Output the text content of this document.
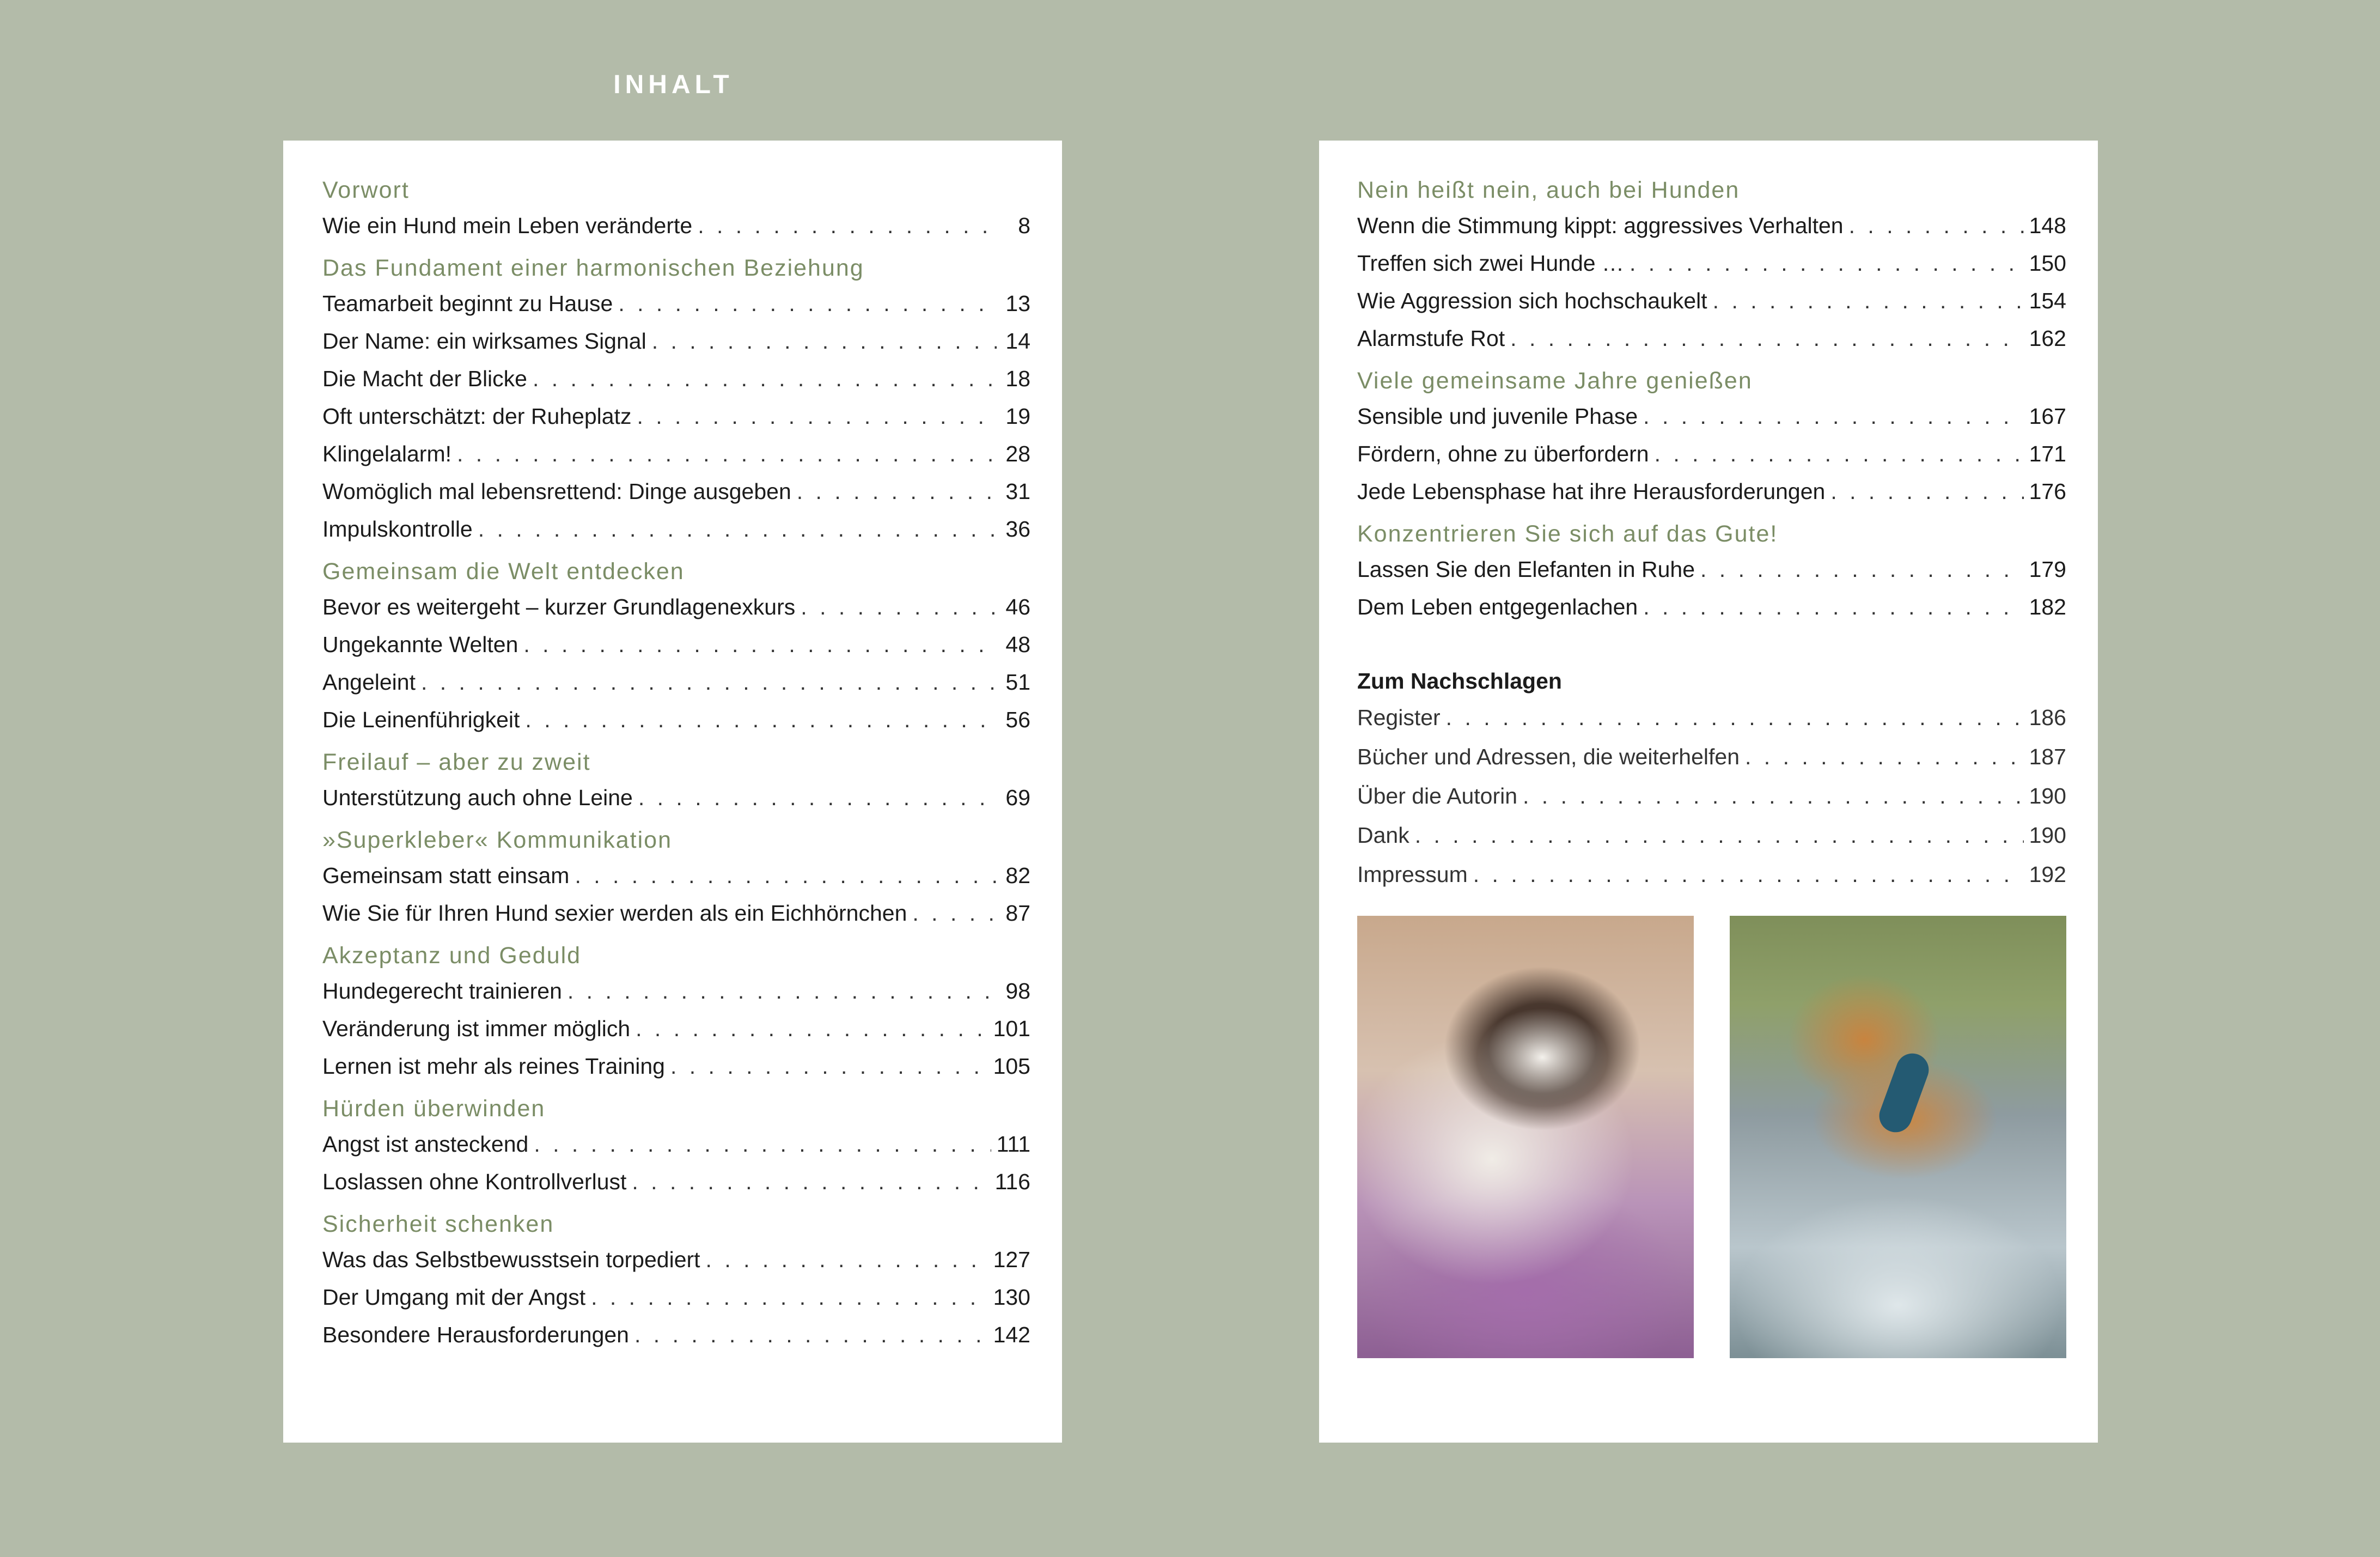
INHALT
Vorwort
Wie ein Hund mein Leben veränderte . . .	8
Das Fundament einer harmonischen Beziehung
Teamarbeit beginnt zu Hause . . .	13
Der Name: ein wirksames Signal . . .	14
Die Macht der Blicke . . .	18
Oft unterschätzt: der Ruheplatz . . .	19
Klingelalarm! . . .	28
Womöglich mal lebensrettend: Dinge ausgeben . . .	31
Impulskontrolle . . .	36
Gemeinsam die Welt entdecken
Bevor es weitergeht – kurzer Grundlagenexkurs . . .	46
Ungekannte Welten . . .	48
Angeleint . . .	51
Die Leinenführigkeit . . .	56
Freilauf – aber zu zweit
Unterstützung auch ohne Leine . . .	69
»Superkleber« Kommunikation
Gemeinsam statt einsam . . .	82
Wie Sie für Ihren Hund sexier werden als ein Eichhörnchen . . .	87
Akzeptanz und Geduld
Hundegerecht trainieren . . .	98
Veränderung ist immer möglich . . .	101
Lernen ist mehr als reines Training . . .	105
Hürden überwinden
Angst ist ansteckend . . .	111
Loslassen ohne Kontrollverlust . . .	116
Sicherheit schenken
Was das Selbstbewusstsein torpediert . . .	127
Der Umgang mit der Angst . . .	130
Besondere Herausforderungen . . .	142
Nein heißt nein, auch bei Hunden
Wenn die Stimmung kippt: aggressives Verhalten . . .	148
Treffen sich zwei Hunde … . . .	150
Wie Aggression sich hochschaukelt . . .	154
Alarmstufe Rot . . .	162
Viele gemeinsame Jahre genießen
Sensible und juvenile Phase . . .	167
Fördern, ohne zu überfordern . . .	171
Jede Lebensphase hat ihre Herausforderungen . . .	176
Konzentrieren Sie sich auf das Gute!
Lassen Sie den Elefanten in Ruhe . . .	179
Dem Leben entgegenlachen . . .	182
Zum Nachschlagen
Register . . .	186
Bücher und Adressen, die weiterhelfen . . .	187
Über die Autorin . . .	190
Dank . . .	190
Impressum . . .	192
